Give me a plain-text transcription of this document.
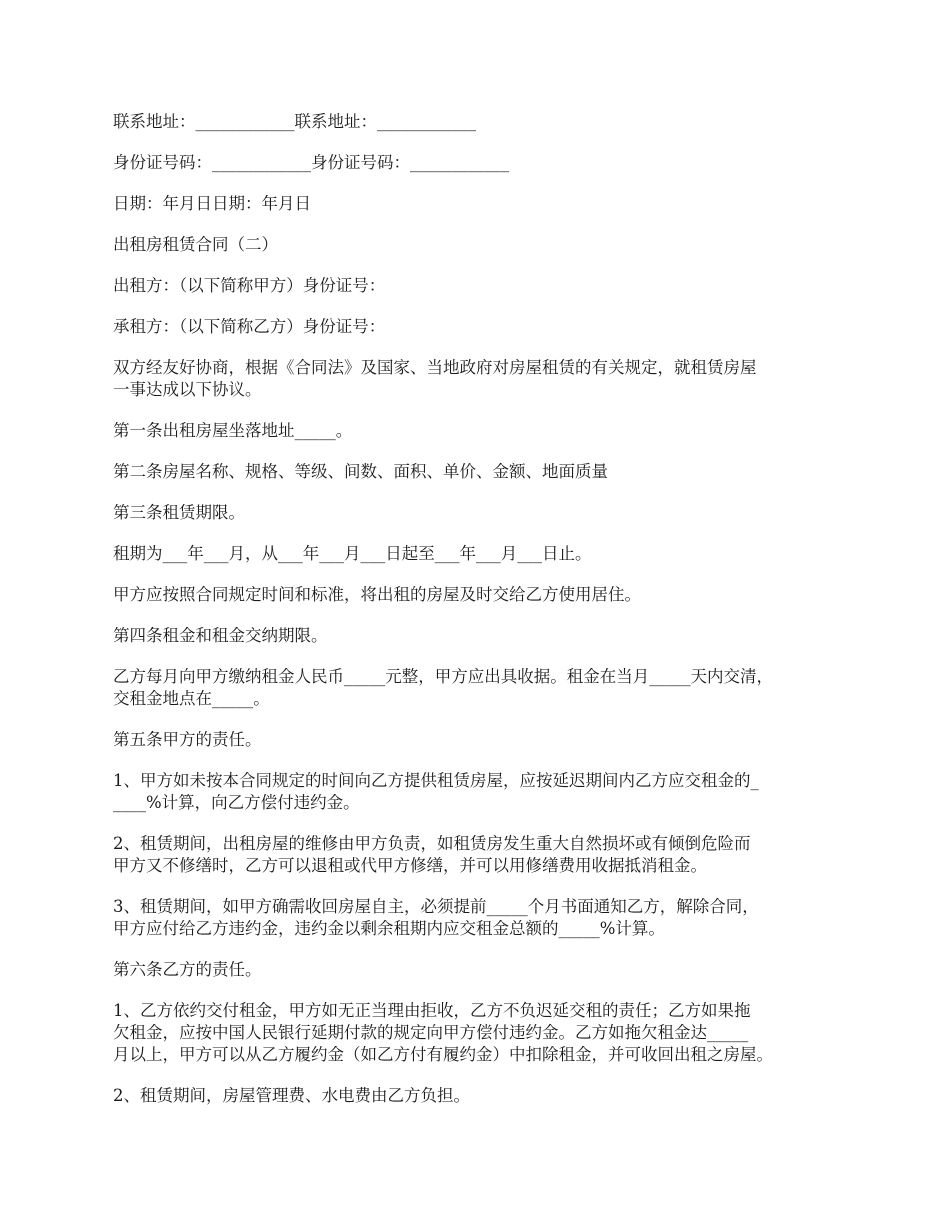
联系地址：____________联系地址：____________

身份证号码：____________身份证号码：____________

日期：年月日日期：年月日

出租房租赁合同（二）

出租方：（以下简称甲方）身份证号：

承租方：（以下简称乙方）身份证号：

双方经友好协商，根据《合同法》及国家、当地政府对房屋租赁的有关规定，就租赁房屋
一事达成以下协议。

第一条出租房屋坐落地址_____。

第二条房屋名称、规格、等级、间数、面积、单价、金额、地面质量

第三条租赁期限。

租期为___年___月，从___年___月___日起至___年___月___日止。

甲方应按照合同规定时间和标准，将出租的房屋及时交给乙方使用居住。

第四条租金和租金交纳期限。

乙方每月向甲方缴纳租金人民币_____元整，甲方应出具收据。租金在当月_____天内交清，
交租金地点在_____。

第五条甲方的责任。

1、甲方如未按本合同规定的时间向乙方提供租赁房屋，应按延迟期间内乙方应交租金的_
____%计算，向乙方偿付违约金。

2、租赁期间，出租房屋的维修由甲方负责，如租赁房发生重大自然损坏或有倾倒危险而
甲方又不修缮时，乙方可以退租或代甲方修缮，并可以用修缮费用收据抵消租金。

3、租赁期间，如甲方确需收回房屋自主，必须提前_____个月书面通知乙方，解除合同，
甲方应付给乙方违约金，违约金以剩余租期内应交租金总额的_____%计算。

第六条乙方的责任。

1、乙方依约交付租金，甲方如无正当理由拒收，乙方不负迟延交租的责任；乙方如果拖
欠租金，应按中国人民银行延期付款的规定向甲方偿付违约金。乙方如拖欠租金达_____
月以上，甲方可以从乙方履约金（如乙方付有履约金）中扣除租金，并可收回出租之房屋。

2、租赁期间，房屋管理费、水电费由乙方负担。
